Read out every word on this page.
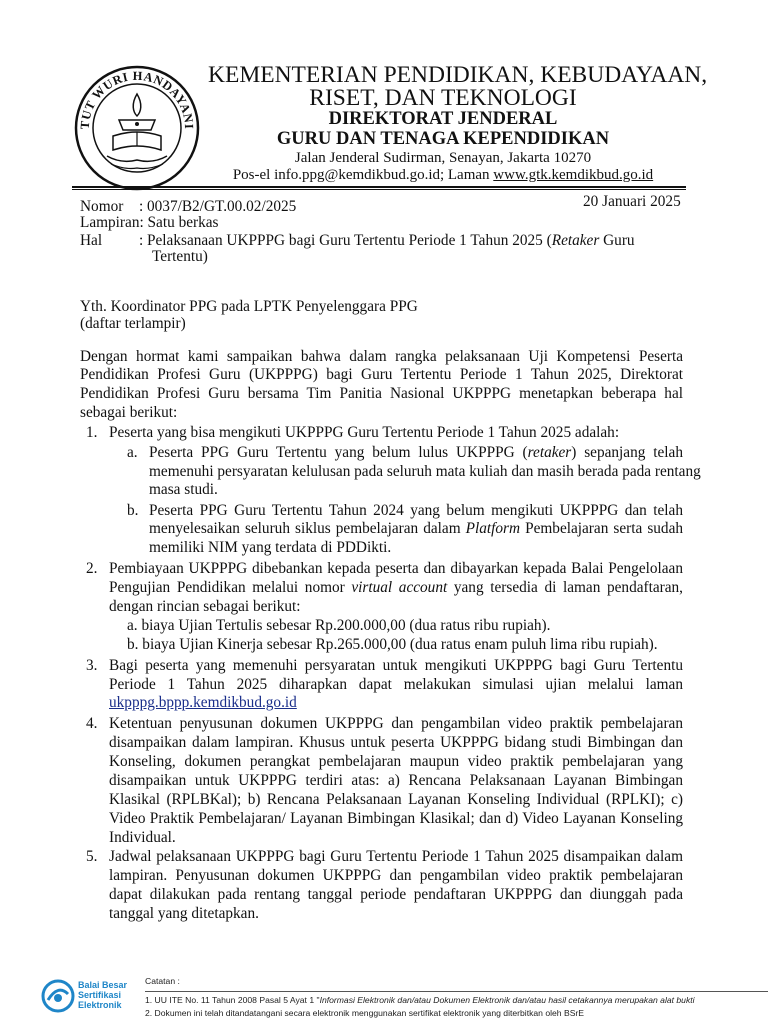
TUT WURI HANDAYANI
KEMENTERIAN PENDIDIKAN, KEBUDAYAAN,
RISET, DAN TEKNOLOGI
DIREKTORAT JENDERAL
GURU DAN TENAGA KEPENDIDIKAN
Jalan Jenderal Sudirman, Senayan, Jakarta 10270
Pos-el info.ppg@kemdikbud.go.id; Laman www.gtk.kemdikbud.go.id
Nomor : 0037/B2/GT.00.02/2025	20 Januari 2025
Lampiran: Satu berkas
Hal : Pelaksanaan UKPPPG bagi Guru Tertentu Periode 1 Tahun 2025 (Retaker Guru
Tertentu)
Yth. Koordinator PPG pada LPTK Penyelenggara PPG
(daftar terlampir)
Dengan hormat kami sampaikan bahwa dalam rangka pelaksanaan Uji Kompetensi Peserta
Pendidikan Profesi Guru (UKPPPG) bagi Guru Tertentu Periode 1 Tahun 2025, Direktorat
Pendidikan Profesi Guru bersama Tim Panitia Nasional UKPPPG menetapkan beberapa hal
sebagai berikut:
1. Peserta yang bisa mengikuti UKPPPG Guru Tertentu Periode 1 Tahun 2025 adalah:
a. Peserta PPG Guru Tertentu yang belum lulus UKPPPG (retaker) sepanjang telah
memenuhi persyaratan kelulusan pada seluruh mata kuliah dan masih berada pada rentang
masa studi.
b. Peserta PPG Guru Tertentu Tahun 2024 yang belum mengikuti UKPPPG dan telah
menyelesaikan seluruh siklus pembelajaran dalam Platform Pembelajaran serta sudah
memiliki NIM yang terdata di PDDikti.
2. Pembiayaan UKPPPG dibebankan kepada peserta dan dibayarkan kepada Balai Pengelolaan
Pengujian Pendidikan melalui nomor virtual account yang tersedia di laman pendaftaran,
dengan rincian sebagai berikut:
a. biaya Ujian Tertulis sebesar Rp.200.000,00 (dua ratus ribu rupiah).
b. biaya Ujian Kinerja sebesar Rp.265.000,00 (dua ratus enam puluh lima ribu rupiah).
3. Bagi peserta yang memenuhi persyaratan untuk mengikuti UKPPPG bagi Guru Tertentu
Periode 1 Tahun 2025 diharapkan dapat melakukan simulasi ujian melalui laman
ukpppg.bppp.kemdikbud.go.id
4. Ketentuan penyusunan dokumen UKPPPG dan pengambilan video praktik pembelajaran
disampaikan dalam lampiran. Khusus untuk peserta UKPPPG bidang studi Bimbingan dan
Konseling, dokumen perangkat pembelajaran maupun video praktik pembelajaran yang
disampaikan untuk UKPPPG terdiri atas: a) Rencana Pelaksanaan Layanan Bimbingan
Klasikal (RPLBKal); b) Rencana Pelaksanaan Layanan Konseling Individual (RPLKI); c)
Video Praktik Pembelajaran/ Layanan Bimbingan Klasikal; dan d) Video Layanan Konseling
Individual.
5. Jadwal pelaksanaan UKPPPG bagi Guru Tertentu Periode 1 Tahun 2025 disampaikan dalam
lampiran. Penyusunan dokumen UKPPPG dan pengambilan video praktik pembelajaran
dapat dilakukan pada rentang tanggal periode pendaftaran UKPPPG dan diunggah pada
tanggal yang ditetapkan.
Balai Besar
Sertifikasi
Elektronik
Catatan :
1. UU ITE No. 11 Tahun 2008 Pasal 5 Ayat 1 "Informasi Elektronik dan/atau Dokumen Elektronik dan/atau hasil cetakannya merupakan alat bukti
2. Dokumen ini telah ditandatangani secara elektronik menggunakan sertifikat elektronik yang diterbitkan oleh BSrE
